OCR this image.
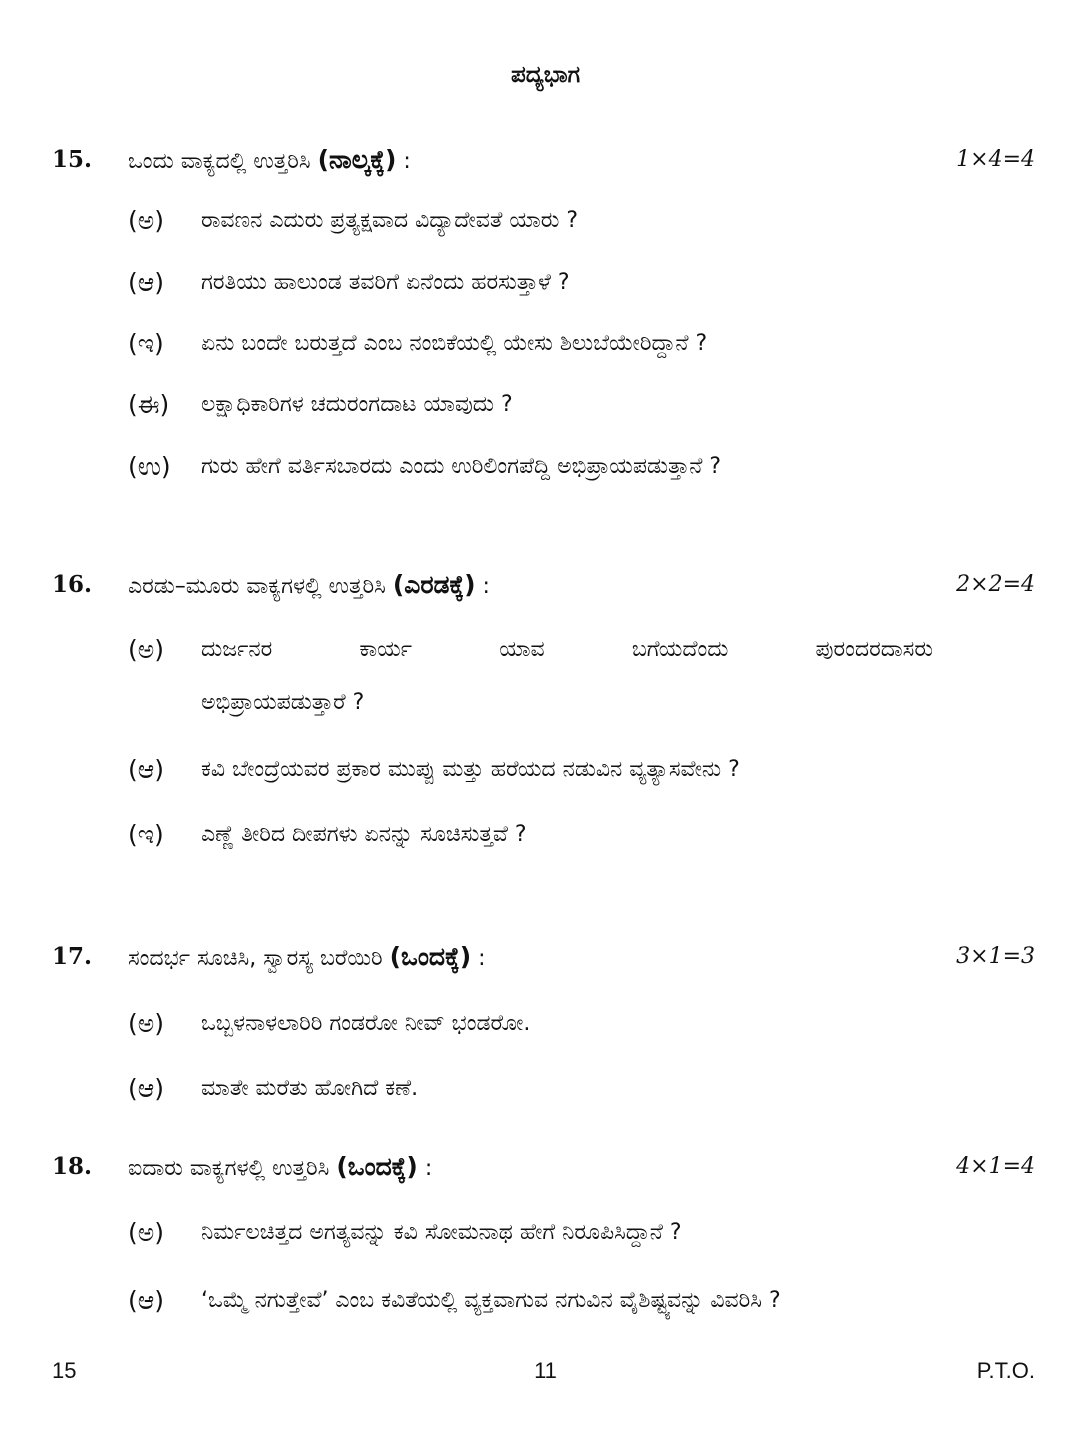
ಪದ್ಯಭಾಗ
15. ಒಂದು ವಾಕ್ಯದಲ್ಲಿ ಉತ್ತರಿಸಿ (ನಾಲ್ಕಕ್ಕೆ) :	1×4=4
(ಅ) ರಾವಣನ ಎದುರು ಪ್ರತ್ಯಕ್ಷವಾದ ವಿದ್ಯಾದೇವತೆ ಯಾರು ?
(ಆ) ಗರತಿಯು ಹಾಲುಂಡ ತವರಿಗೆ ಏನೆಂದು ಹರಸುತ್ತಾಳೆ ?
(ಇ) ಏನು ಬಂದೇ ಬರುತ್ತದೆ ಎಂಬ ನಂಬಿಕೆಯಲ್ಲಿ ಯೇಸು ಶಿಲುಬೆಯೇರಿದ್ದಾನೆ ?
(ಈ) ಲಕ್ಷಾಧಿಕಾರಿಗಳ ಚದುರಂಗದಾಟ ಯಾವುದು ?
(ಉ) ಗುರು ಹೇಗೆ ವರ್ತಿಸಬಾರದು ಎಂದು ಉರಿಲಿಂಗಪೆದ್ದಿ ಅಭಿಪ್ರಾಯಪಡುತ್ತಾನೆ ?
16. ಎರಡು–ಮೂರು ವಾಕ್ಯಗಳಲ್ಲಿ ಉತ್ತರಿಸಿ (ಎರಡಕ್ಕೆ) :	2×2=4
(ಅ) ದುರ್ಜನರ ಕಾರ್ಯ ಯಾವ ಬಗೆಯದೆಂದು ಪುರಂದರದಾಸರು
ಅಭಿಪ್ರಾಯಪಡುತ್ತಾರೆ ?
(ಆ) ಕವಿ ಬೇಂದ್ರೆಯವರ ಪ್ರಕಾರ ಮುಪ್ಪು ಮತ್ತು ಹರೆಯದ ನಡುವಿನ ವ್ಯತ್ಯಾಸವೇನು ?
(ಇ) ಎಣ್ಣೆ ತೀರಿದ ದೀಪಗಳು ಏನನ್ನು ಸೂಚಿಸುತ್ತವೆ ?
17. ಸಂದರ್ಭ ಸೂಚಿಸಿ, ಸ್ವಾರಸ್ಯ ಬರೆಯಿರಿ (ಒಂದಕ್ಕೆ) :	3×1=3
(ಅ) ಒಬ್ಬಳನಾಳಲಾರಿರಿ ಗಂಡರೋ ನೀವ್ ಭಂಡರೋ.
(ಆ) ಮಾತೇ ಮರೆತು ಹೋಗಿದೆ ಕಣೆ.
18. ಐದಾರು ವಾಕ್ಯಗಳಲ್ಲಿ ಉತ್ತರಿಸಿ (ಒಂದಕ್ಕೆ) :	4×1=4
(ಅ) ನಿರ್ಮಲಚಿತ್ತದ ಅಗತ್ಯವನ್ನು ಕವಿ ಸೋಮನಾಥ ಹೇಗೆ ನಿರೂಪಿಸಿದ್ದಾನೆ ?
(ಆ) ‘ಒಮ್ಮೆ ನಗುತ್ತೇವೆ’ ಎಂಬ ಕವಿತೆಯಲ್ಲಿ ವ್ಯಕ್ತವಾಗುವ ನಗುವಿನ ವೈಶಿಷ್ಟ್ಯವನ್ನು ವಿವರಿಸಿ ?
15	11	P.T.O.
